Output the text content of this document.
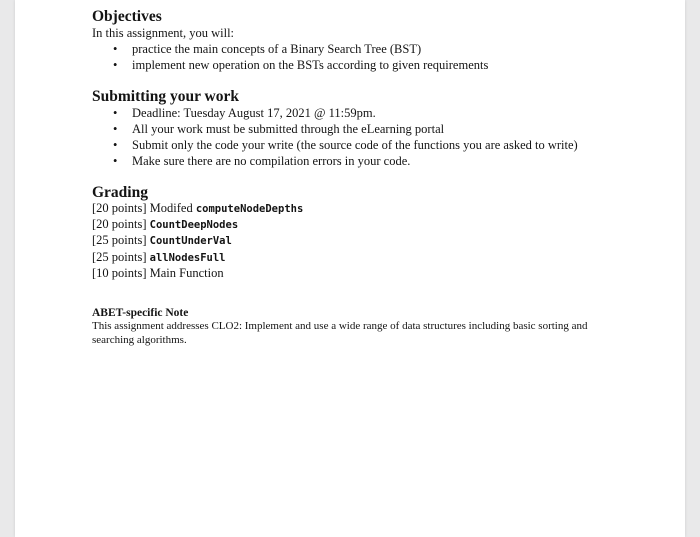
Objectives
In this assignment, you will:
• practice the main concepts of a Binary Search Tree (BST)
• implement new operation on the BSTs according to given requirements
Submitting your work
• Deadline: Tuesday August 17, 2021 @ 11:59pm.
• All your work must be submitted through the eLearning portal
• Submit only the code your write (the source code of the functions you are asked to write)
• Make sure there are no compilation errors in your code.
Grading
[20 points] Modifed computeNodeDepths
[20 points] CountDeepNodes
[25 points] CountUnderVal
[25 points] allNodesFull
[10 points] Main Function
ABET-specific Note
This assignment addresses CLO2: Implement and use a wide range of data structures including basic sorting and searching algorithms.
